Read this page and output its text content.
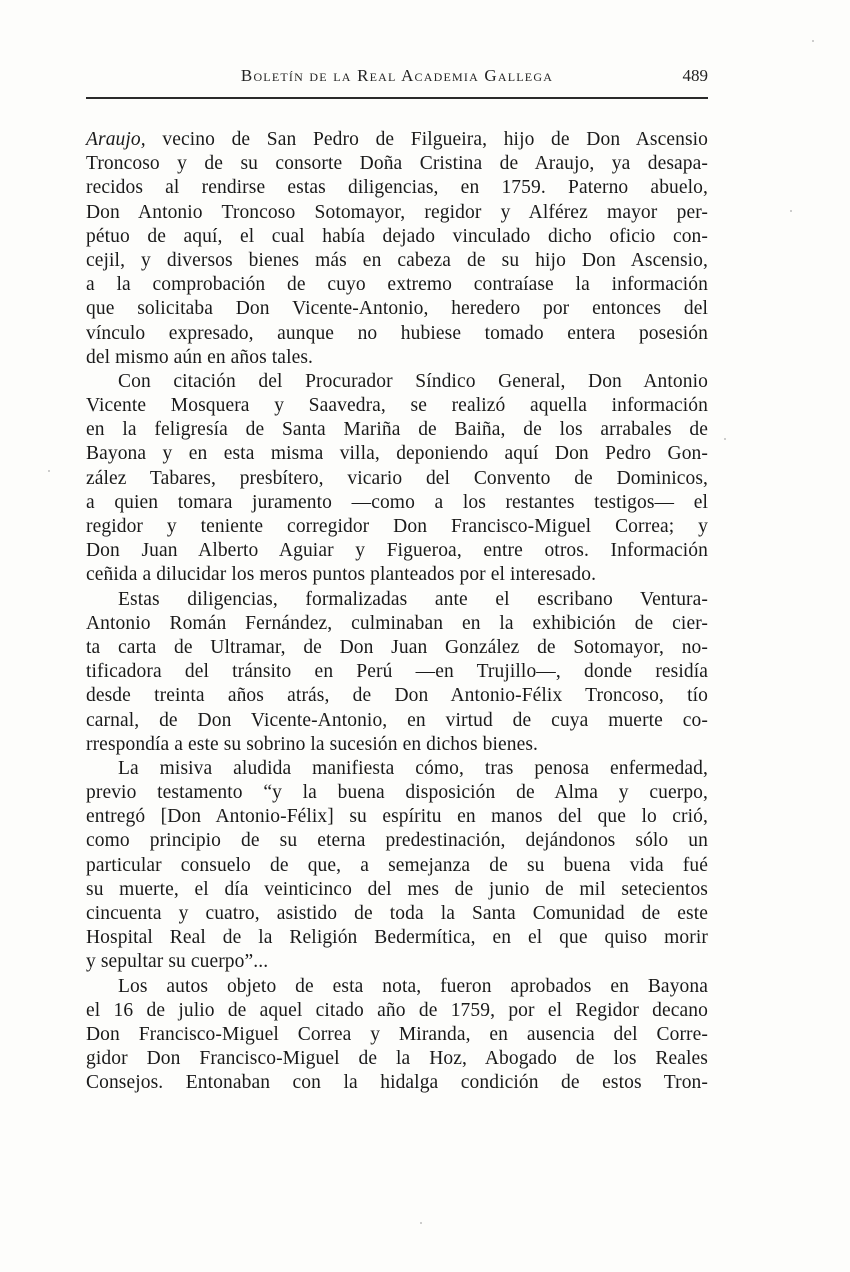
Boletín de la Real Academia Gallega	489
Araujo, vecino de San Pedro de Filgueira, hijo de Don Ascensio
Troncoso y de su consorte Doña Cristina de Araujo, ya desapa-
recidos al rendirse estas diligencias, en 1759. Paterno abuelo,
Don Antonio Troncoso Sotomayor, regidor y Alférez mayor per-
pétuo de aquí, el cual había dejado vinculado dicho oficio con-
cejil, y diversos bienes más en cabeza de su hijo Don Ascensio,
a la comprobación de cuyo extremo contraíase la información
que solicitaba Don Vicente-Antonio, heredero por entonces del
vínculo expresado, aunque no hubiese tomado entera posesión
del mismo aún en años tales.
Con citación del Procurador Síndico General, Don Antonio
Vicente Mosquera y Saavedra, se realizó aquella información
en la feligresía de Santa Mariña de Baiña, de los arrabales de
Bayona y en esta misma villa, deponiendo aquí Don Pedro Gon-
zález Tabares, presbítero, vicario del Convento de Dominicos,
a quien tomara juramento —como a los restantes testigos— el
regidor y teniente corregidor Don Francisco-Miguel Correa; y
Don Juan Alberto Aguiar y Figueroa, entre otros. Información
ceñida a dilucidar los meros puntos planteados por el interesado.
Estas diligencias, formalizadas ante el escribano Ventura-
Antonio Román Fernández, culminaban en la exhibición de cier-
ta carta de Ultramar, de Don Juan González de Sotomayor, no-
tificadora del tránsito en Perú —en Trujillo—, donde residía
desde treinta años atrás, de Don Antonio-Félix Troncoso, tío
carnal, de Don Vicente-Antonio, en virtud de cuya muerte co-
rrespondía a este su sobrino la sucesión en dichos bienes.
La misiva aludida manifiesta cómo, tras penosa enfermedad,
previo testamento “y la buena disposición de Alma y cuerpo,
entregó [Don Antonio-Félix] su espíritu en manos del que lo crió,
como principio de su eterna predestinación, dejándonos sólo un
particular consuelo de que, a semejanza de su buena vida fué
su muerte, el día veinticinco del mes de junio de mil setecientos
cincuenta y cuatro, asistido de toda la Santa Comunidad de este
Hospital Real de la Religión Bedermítica, en el que quiso morir
y sepultar su cuerpo”...
Los autos objeto de esta nota, fueron aprobados en Bayona
el 16 de julio de aquel citado año de 1759, por el Regidor decano
Don Francisco-Miguel Correa y Miranda, en ausencia del Corre-
gidor Don Francisco-Miguel de la Hoz, Abogado de los Reales
Consejos. Entonaban con la hidalga condición de estos Tron-
